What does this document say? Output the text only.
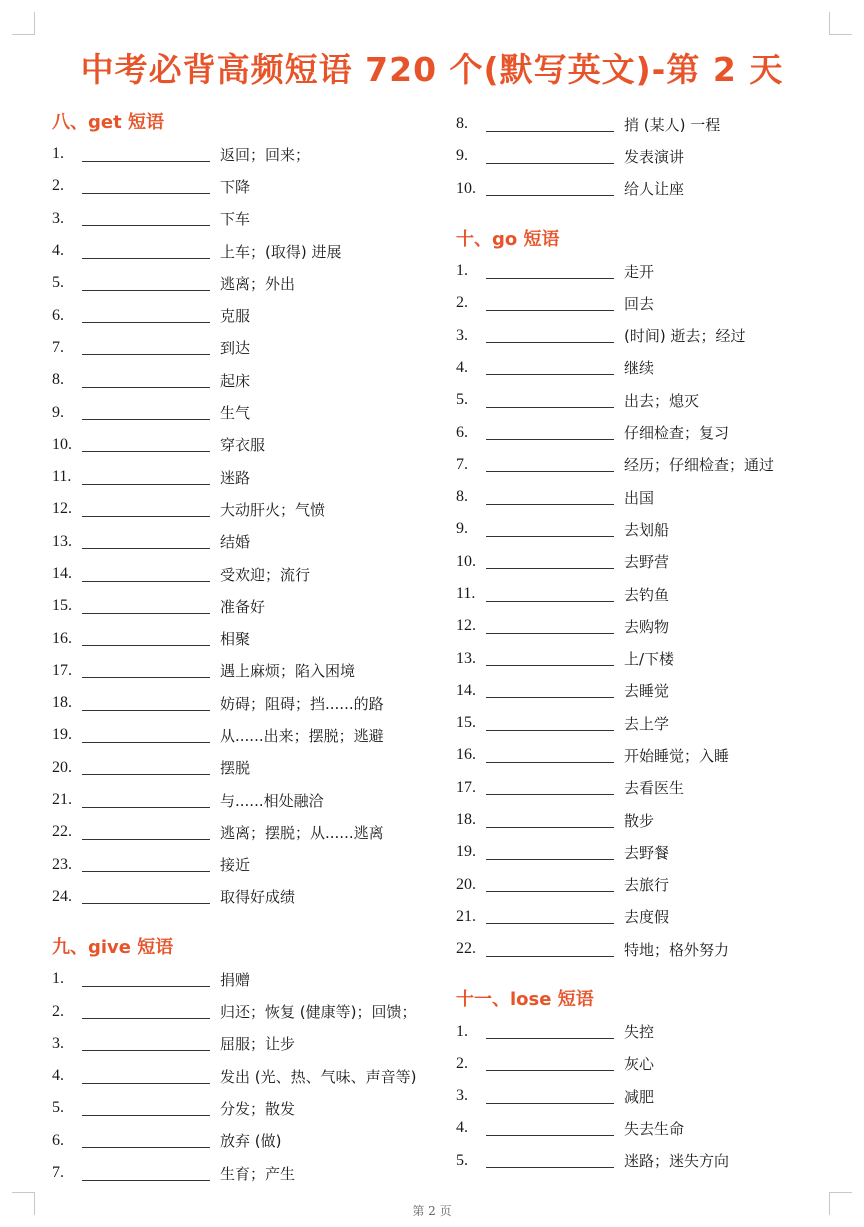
中考必背高频短语 720 个(默写英文)-第 2 天
八、get 短语
1.	返回；回来；
2.	下降
3.	下车
4.	上车；(取得) 进展
5.	逃离；外出
6.	克服
7.	到达
8.	起床
9.	生气
10.	穿衣服
11.	迷路
12.	大动肝火；气愤
13.	结婚
14.	受欢迎；流行
15.	准备好
16.	相聚
17.	遇上麻烦；陷入困境
18.	妨碍；阻碍；挡......的路
19.	从......出来；摆脱；逃避
20.	摆脱
21.	与......相处融洽
22.	逃离；摆脱；从......逃离
23.	接近
24.	取得好成绩
九、give 短语
1.	捐赠
2.	归还；恢复 (健康等)；回馈；
3.	屈服；让步
4.	发出 (光、热、气味、声音等)
5.	分发；散发
6.	放弃 (做)
7.	生育；产生
8.	捎 (某人) 一程
9.	发表演讲
10.	给人让座
十、go 短语
1.	走开
2.	回去
3.	(时间) 逝去；经过
4.	继续
5.	出去；熄灭
6.	仔细检查；复习
7.	经历；仔细检查；通过
8.	出国
9.	去划船
10.	去野营
11.	去钓鱼
12.	去购物
13.	上/下楼
14.	去睡觉
15.	去上学
16.	开始睡觉；入睡
17.	去看医生
18.	散步
19.	去野餐
20.	去旅行
21.	去度假
22.	特地；格外努力
十一、lose 短语
1.	失控
2.	灰心
3.	减肥
4.	失去生命
5.	迷路；迷失方向
第 2 页
